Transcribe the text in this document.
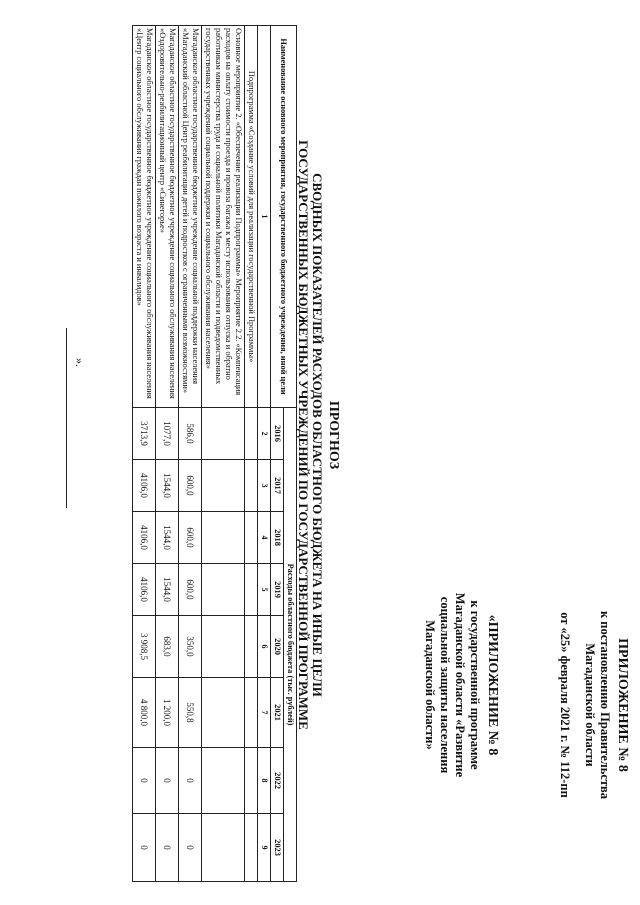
ПРИЛОЖЕНИЕ № 8
к постановлению Правительства
Магаданской области
от «25» февраля 2021 г. № 112-пп
«ПРИЛОЖЕНИЕ № 8
к государственной программе
Магаданской области «Развитие
социальной защиты населения
Магаданской области»
ПРОГНОЗ
СВОДНЫХ ПОКАЗАТЕЛЕЙ РАСХОДОВ ОБЛАСТНОГО БЮДЖЕТА НА ИНЫЕ ЦЕЛИ
ГОСУДАРСТВЕННЫХ БЮДЖЕТНЫХ УЧРЕЖДЕНИЙ ПО ГОСУДАРСТВЕННОЙ ПРОГРАММЕ
Наименование основного мероприятия, государственного бюджетного учреждения, иной цели	Расходы областного бюджета (тыс. рублей)							
	2016	2017	2018	2019	2020	2021	2022	2023
1	2	3	4	5	6	7	8	9
Подпрограмма «Создание условий для реализации государственной Программы»								
Основное мероприятие 2. «Обеспечение реализации Подпрограммы» Мероприятие 2.2. «Компенсация расходов на оплату стоимости проезда и провоза багажа к месту использования отпуска и обратно работникам министерства труда и социальной политики Магаданской области и подведомственных государственных учреждений социальной поддержки и социального обслуживания населения»								
Магаданское областное государственное бюджетное учреждение социальной поддержки населения «Магаданский областной Центр реабилитации детей и подростков с ограниченными возможностями»	586,0	600,0	600,0	600,0	350,0	550,8	0	0
Магаданское областное государственное бюджетное учреждение социального обслуживания населения «Оздоровительно-реабилитационный центр «Синегорье»	1077,0	1544,0	1544,0	1544,0	683,0	1 200,0	0	0
Магаданское областное государственное бюджетное учреждение социального обслуживания населения «Центр социального обслуживания граждан пожилого возраста и инвалидов»	3713,9	4106,0	4106,0	4106,0	3 908,5	4 800,0	0	0
».
